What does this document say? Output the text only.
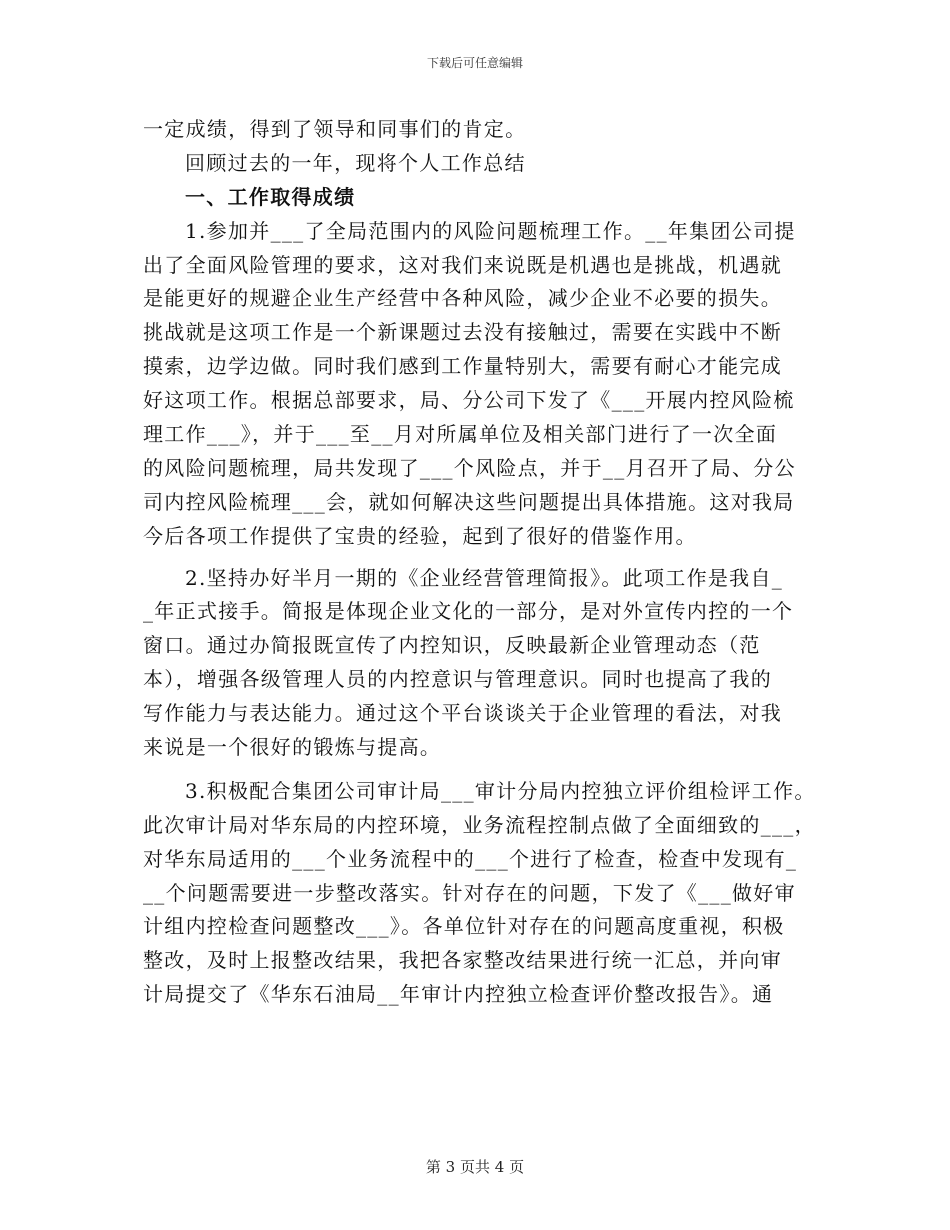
下载后可任意编辑
一定成绩，得到了领导和同事们的肯定。
回顾过去的一年，现将个人工作总结
一、工作取得成绩
1.参加并___了全局范围内的风险问题梳理工作。__年集团公司提
出了全面风险管理的要求，这对我们来说既是机遇也是挑战，机遇就
是能更好的规避企业生产经营中各种风险，减少企业不必要的损失。
挑战就是这项工作是一个新课题过去没有接触过，需要在实践中不断
摸索，边学边做。同时我们感到工作量特别大，需要有耐心才能完成
好这项工作。根据总部要求，局、分公司下发了《___开展内控风险梳
理工作___》，并于___至__月对所属单位及相关部门进行了一次全面
的风险问题梳理，局共发现了___个风险点，并于__月召开了局、分公
司内控风险梳理___会，就如何解决这些问题提出具体措施。这对我局
今后各项工作提供了宝贵的经验，起到了很好的借鉴作用。
2.坚持办好半月一期的《企业经营管理简报》。此项工作是我自_
_年正式接手。简报是体现企业文化的一部分，是对外宣传内控的一个
窗口。通过办简报既宣传了内控知识，反映最新企业管理动态（范
本），增强各级管理人员的内控意识与管理意识。同时也提高了我的
写作能力与表达能力。通过这个平台谈谈关于企业管理的看法，对我
来说是一个很好的锻炼与提高。
3.积极配合集团公司审计局___审计分局内控独立评价组检评工作。
此次审计局对华东局的内控环境，业务流程控制点做了全面细致的___，
对华东局适用的___个业务流程中的___个进行了检查，检查中发现有_
__个问题需要进一步整改落实。针对存在的问题，下发了《___做好审
计组内控检查问题整改___》。各单位针对存在的问题高度重视，积极
整改，及时上报整改结果，我把各家整改结果进行统一汇总，并向审
计局提交了《华东石油局__年审计内控独立检查评价整改报告》。通
第 3 页共 4 页
